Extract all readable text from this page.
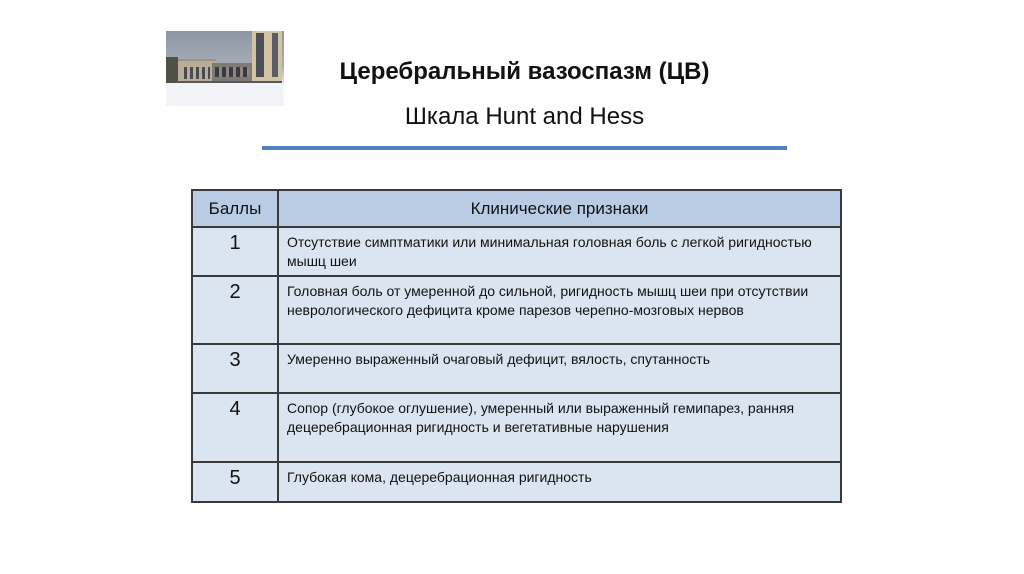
Церебральный вазоспазм (ЦВ)
Шкала Hunt and Hess
Баллы	Клинические признаки
1	Отсутствие симптматики или минимальная головная боль с легкой ригидностью мышц шеи
2	Головная боль от умеренной до сильной, ригидность мышц шеи при отсутствии неврологического дефицита кроме парезов черепно-мозговых нервов
3	Умеренно выраженный очаговый дефицит, вялость, спутанность
4	Сопор (глубокое оглушение), умеренный или выраженный гемипарез, ранняя децеребрационная ригидность и вегетативные нарушения
5	Глубокая кома, децеребрационная ригидность
